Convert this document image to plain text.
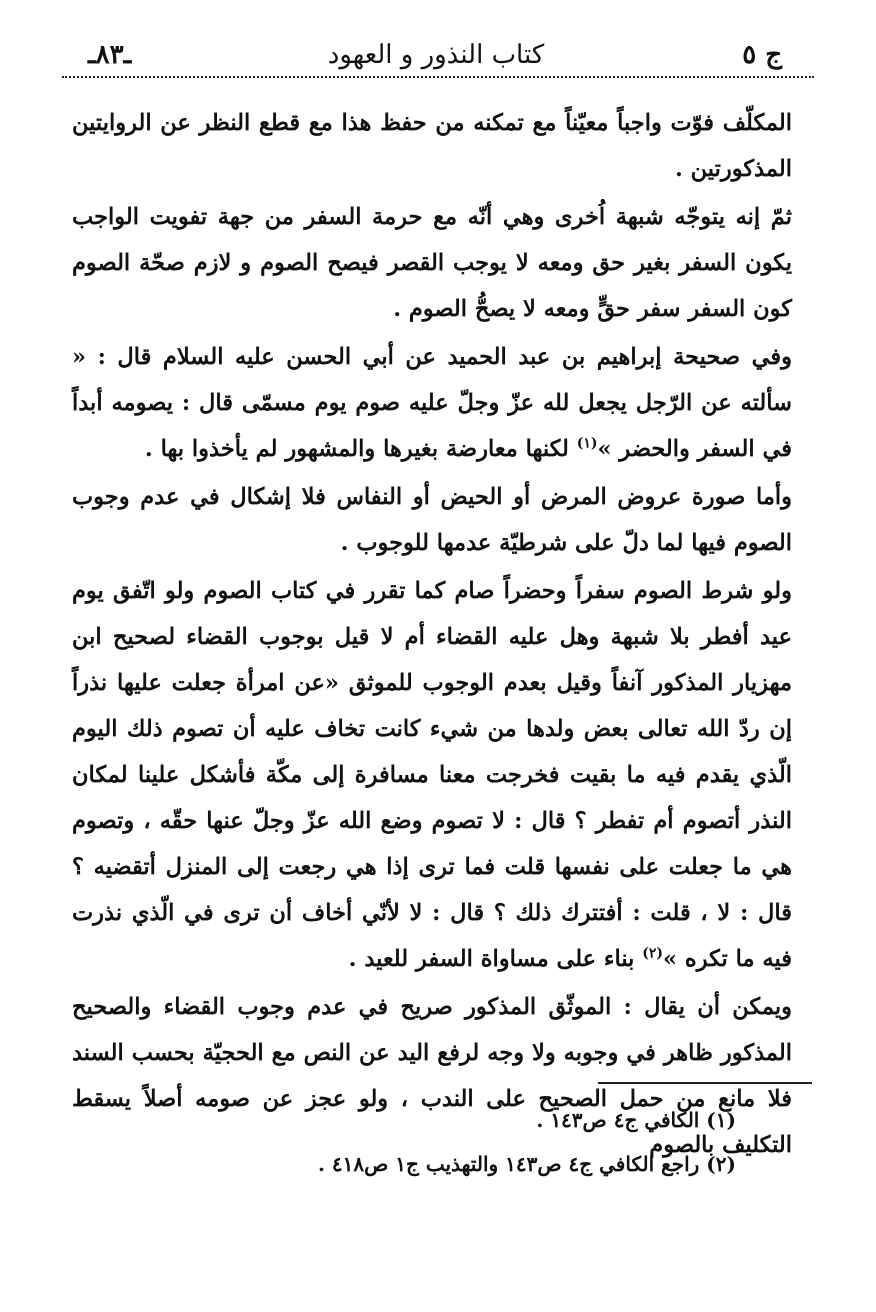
ج ٥
كتاب النذور و العهود
ـ٨٣ـ

المكلّف فوّت واجباً معيّناً مع تمكنه من حفظ هذا مع قطع النظر عن الروايتين المذكورتين .

ثمّ إنه يتوجّه شبهة اُخرى وهي أنّه مع حرمة السفر من جهة تفويت الواجب يكون السفر بغير حق ومعه لا يوجب القصر فيصح الصوم و لازم صحّة الصوم كون السفر سفر حقٍّ ومعه لا يصحُّ الصوم .

وفي صحيحة إبراهيم بن عبد الحميد عن أبي الحسن عليه السلام قال : « سألته عن الرّجل يجعل لله عزّ وجلّ عليه صوم يوم مسمّى قال : يصومه أبداً في السفر والحضر »$^{(١)}$ لكنها معارضة بغيرها والمشهور لم يأخذوا بها .

وأما صورة عروض المرض أو الحيض أو النفاس فلا إشكال في عدم وجوب الصوم فيها لما دلّ على شرطيّة عدمها للوجوب .

ولو شرط الصوم سفراً وحضراً صام كما تقرر في كتاب الصوم ولو اتّفق يوم عيد أفطر بلا شبهة وهل عليه القضاء أم لا قيل بوجوب القضاء لصحيح ابن مهزيار المذكور آنفاً وقيل بعدم الوجوب للموثق «عن امرأة جعلت عليها نذراً إن ردّ الله تعالى بعض ولدها من شيء كانت تخاف عليه أن تصوم ذلك اليوم الّذي يقدم فيه ما بقيت فخرجت معنا مسافرة إلى مكّة فأشكل علينا لمكان النذر أتصوم أم تفطر ؟ قال : لا تصوم وضع الله عزّ وجلّ عنها حقّه ، وتصوم هي ما جعلت على نفسها قلت فما ترى إذا هي رجعت إلى المنزل أتقضيه ؟ قال : لا ، قلت : أفتترك ذلك ؟ قال : لا لأنّي أخاف أن ترى في الّذي نذرت فيه ما تكره »$^{(٢)}$ بناء على مساواة السفر للعيد .

ويمكن أن يقال : الموثّق المذكور صريح في عدم وجوب القضاء والصحيح المذكور ظاهر في وجوبه ولا وجه لرفع اليد عن النص مع الحجيّة بحسب السند فلا مانع من حمل الصحيح على الندب ، ولو عجز عن صومه أصلاً يسقط التكليف بالصوم

(١) الكافي ج٤ ص١٤٣ .
(٢) راجع الكافي ج٤ ص١٤٣ والتهذيب ج١ ص٤١٨ .
